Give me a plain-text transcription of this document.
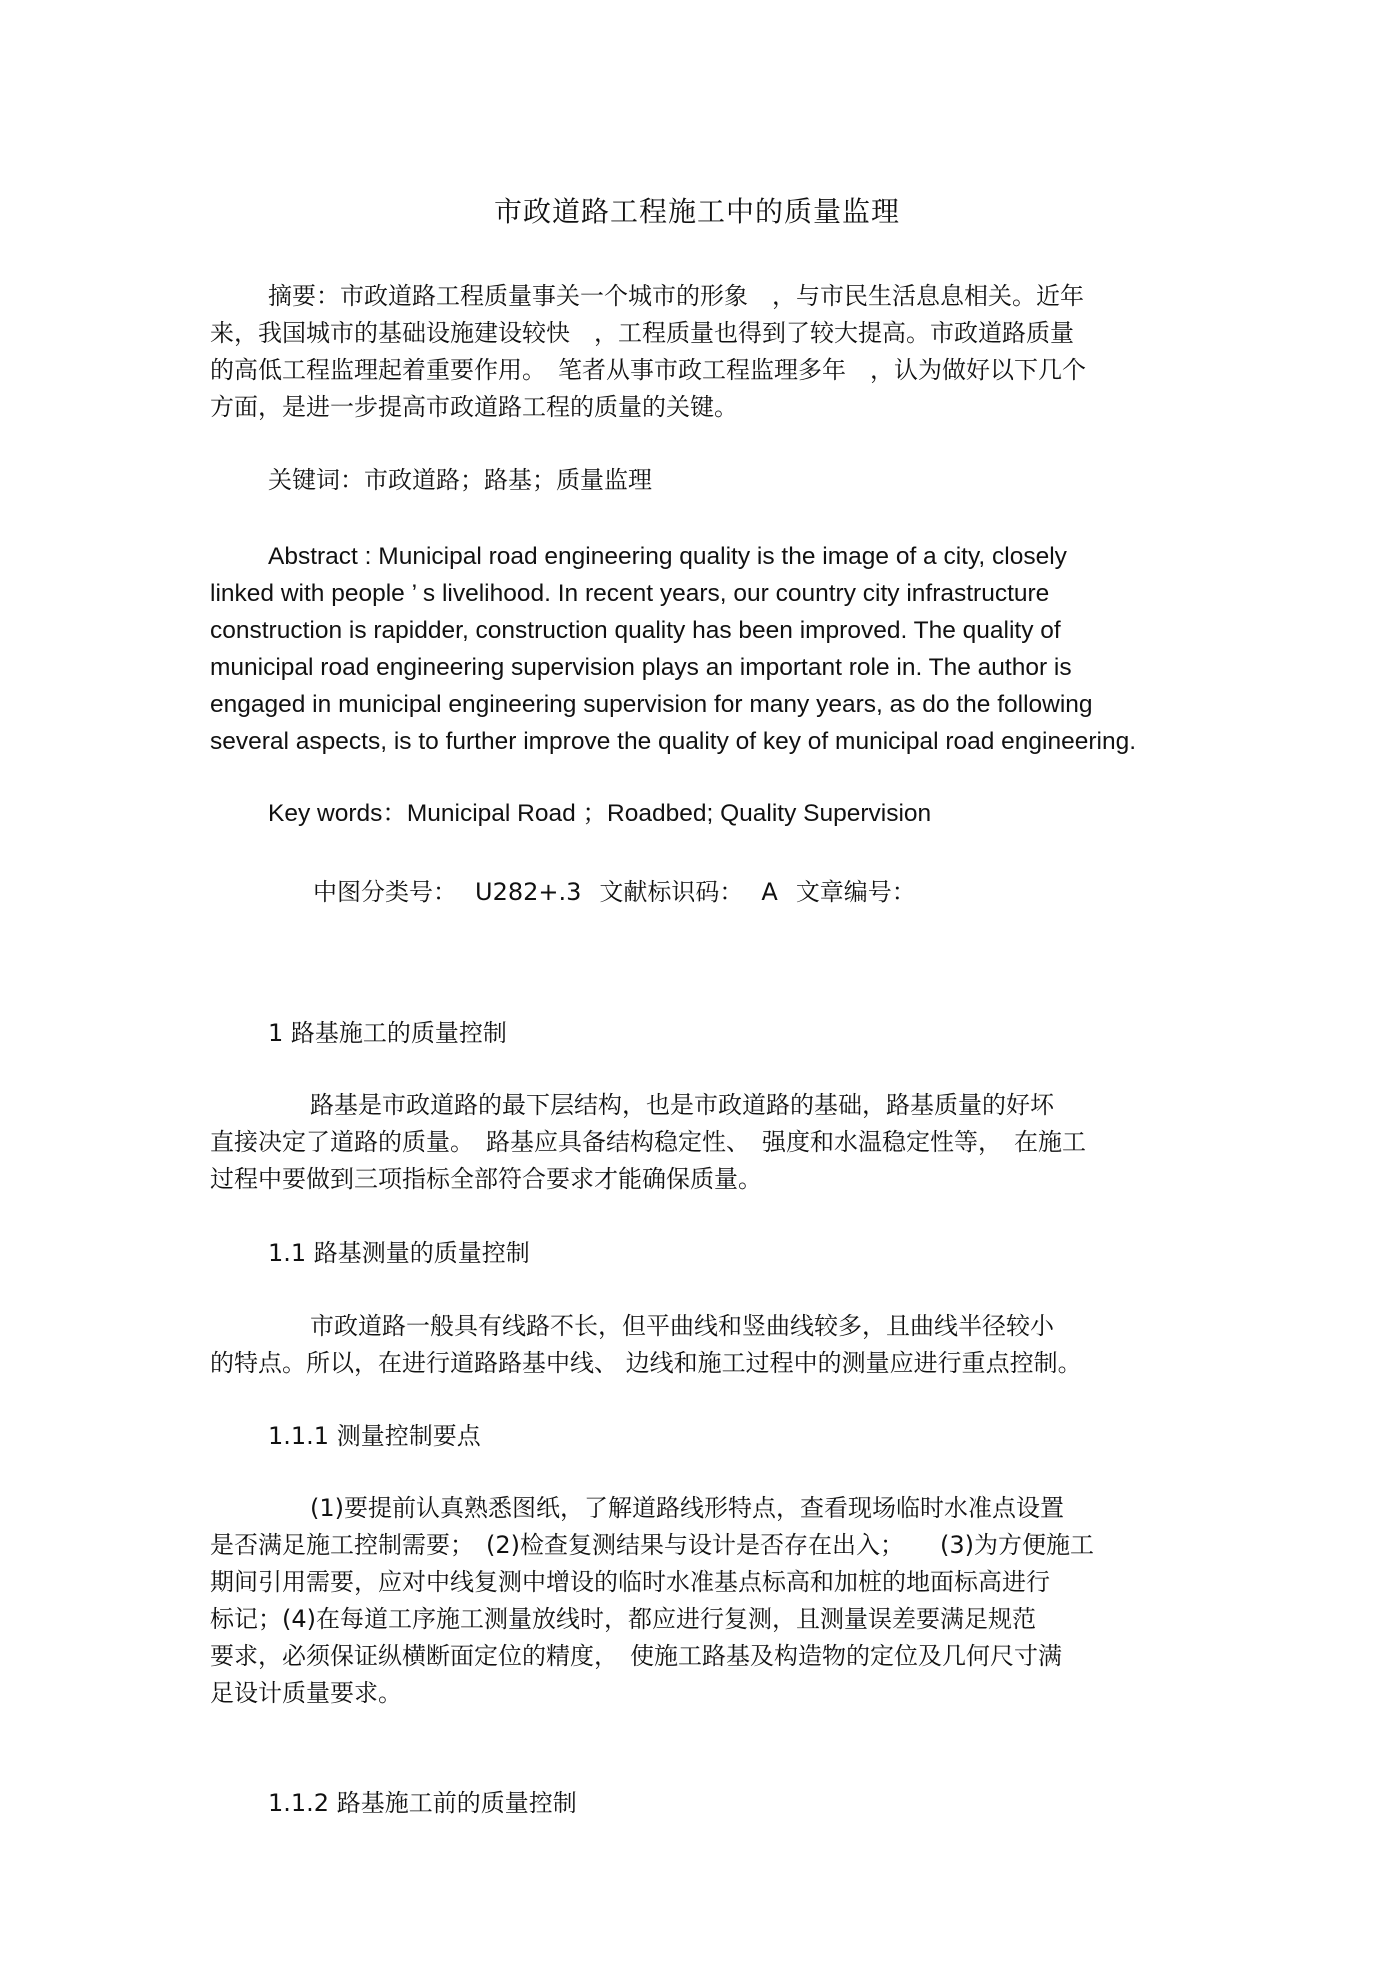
市政道路工程施工中的质量监理
摘要：市政道路工程质量事关一个城市的形象　，与市民生活息息相关。近年
来，我国城市的基础设施建设较快　，工程质量也得到了较大提高。市政道路质量
的高低工程监理起着重要作用。　笔者从事市政工程监理多年　，认为做好以下几个
方面，是进一步提高市政道路工程的质量的关键。
关键词：市政道路；路基；质量监理
Abstract : Municipal road engineering quality is the image of a city, closely
linked with people ’ s livelihood. In recent years, our country city infrastructure
construction is rapidder, construction quality has been improved. The quality of
municipal road engineering supervision plays an important role in. The author is
engaged in municipal engineering supervision for many years, as do the following
several aspects, is to further improve the quality of key of municipal road engineering.
Key words：Municipal Road ；Roadbed; Quality Supervision
中图分类号： U282+.3 文献标识码： A 文章编号：
1 路基施工的质量控制
路基是市政道路的最下层结构，也是市政道路的基础，路基质量的好坏
直接决定了道路的质量。　路基应具备结构稳定性、　强度和水温稳定性等，　在施工
过程中要做到三项指标全部符合要求才能确保质量。
1.1 路基测量的质量控制
市政道路一般具有线路不长，但平曲线和竖曲线较多，且曲线半径较小
的特点。所以，在进行道路路基中线、 边线和施工过程中的测量应进行重点控制。
1.1.1 测量控制要点
(1)要提前认真熟悉图纸，了解道路线形特点，查看现场临时水准点设置
是否满足施工控制需要；　(2)检查复测结果与设计是否存在出入；　　(3)为方便施工
期间引用需要，应对中线复测中增设的临时水准基点标高和加桩的地面标高进行
标记；(4)在每道工序施工测量放线时，都应进行复测，且测量误差要满足规范
要求，必须保证纵横断面定位的精度，　使施工路基及构造物的定位及几何尺寸满
足设计质量要求。
1.1.2 路基施工前的质量控制
